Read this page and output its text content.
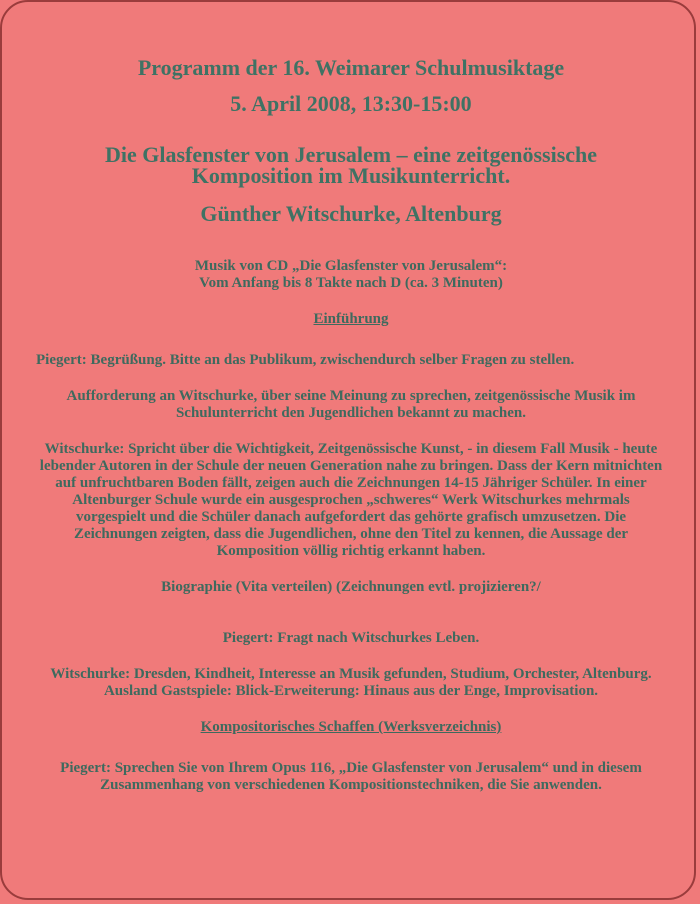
Programm der 16. Weimarer Schulmusiktage

5. April 2008, 13:30-15:00

Die Glasfenster von Jerusalem – eine zeitgenössische

Komposition im Musikunterricht.

Günther Witschurke, Altenburg

Musik von CD „Die Glasfenster von Jerusalem“:

Vom Anfang bis 8 Takte nach D (ca. 3 Minuten)

Einführung

Piegert: Begrüßung. Bitte an das Publikum, zwischendurch selber Fragen zu stellen.

Aufforderung an Witschurke, über seine Meinung zu sprechen, zeitgenössische Musik im Schulunterricht den Jugendlichen bekannt zu machen.

Witschurke: Spricht über die Wichtigkeit, Zeitgenössische Kunst, - in diesem Fall Musik - heute lebender Autoren in der Schule der neuen Generation nahe zu bringen. Dass der Kern mitnichten auf unfruchtbaren Boden fällt, zeigen auch die Zeichnungen 14-15 Jähriger Schüler. In einer Altenburger Schule wurde ein ausgesprochen „schweres“ Werk Witschurkes mehrmals vorgespielt und die Schüler danach aufgefordert das gehörte grafisch umzusetzen. Die Zeichnungen zeigten, dass die Jugendlichen, ohne den Titel zu kennen, die Aussage der Komposition völlig richtig erkannt haben.

Biographie (Vita verteilen) (Zeichnungen evtl. projizieren?/

Piegert: Fragt nach Witschurkes Leben.

Witschurke: Dresden, Kindheit, Interesse an Musik gefunden, Studium, Orchester, Altenburg. Ausland Gastspiele: Blick-Erweiterung: Hinaus aus der Enge, Improvisation.

Kompositorisches Schaffen (Werksverzeichnis)

Piegert: Sprechen Sie von Ihrem Opus 116, „Die Glasfenster von Jerusalem“ und in diesem Zusammenhang von verschiedenen Kompositionstechniken, die Sie anwenden.
